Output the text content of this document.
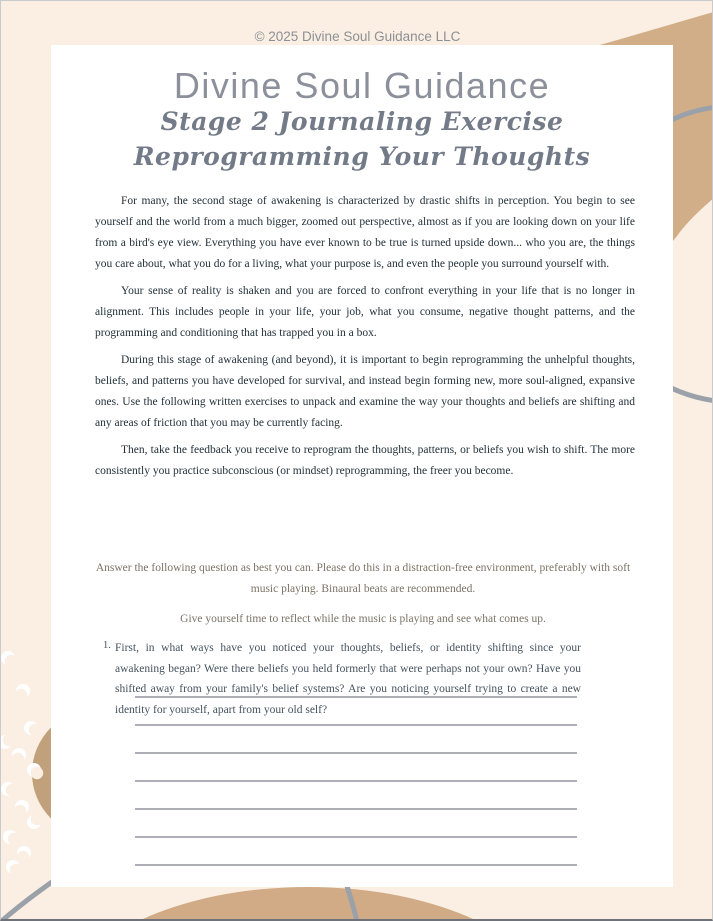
© 2025 Divine Soul Guidance LLC
Divine Soul Guidance
Stage 2 Journaling Exercise
Reprogramming Your Thoughts

For many, the second stage of awakening is characterized by drastic shifts in perception. You begin to see yourself and the world from a much bigger, zoomed out perspective, almost as if you are looking down on your life from a bird's eye view. Everything you have ever known to be true is turned upside down... who you are, the things you care about, what you do for a living, what your purpose is, and even the people you surround yourself with.

Your sense of reality is shaken and you are forced to confront everything in your life that is no longer in alignment. This includes people in your life, your job, what you consume, negative thought patterns, and the programming and conditioning that has trapped you in a box.

During this stage of awakening (and beyond), it is important to begin reprogramming the unhelpful thoughts, beliefs, and patterns you have developed for survival, and instead begin forming new, more soul-aligned, expansive ones. Use the following written exercises to unpack and examine the way your thoughts and beliefs are shifting and any areas of friction that you may be currently facing.

Then, take the feedback you receive to reprogram the thoughts, patterns, or beliefs you wish to shift. The more consistently you practice subconscious (or mindset) reprogramming, the freer you become.

Answer the following question as best you can. Please do this in a distraction-free environment, preferably with soft music playing. Binaural beats are recommended.
Give yourself time to reflect while the music is playing and see what comes up.
1. First, in what ways have you noticed your thoughts, beliefs, or identity shifting since your awakening began? Were there beliefs you held formerly that were perhaps not your own? Have you shifted away from your family's belief systems? Are you noticing yourself trying to create a new identity for yourself, apart from your old self?
